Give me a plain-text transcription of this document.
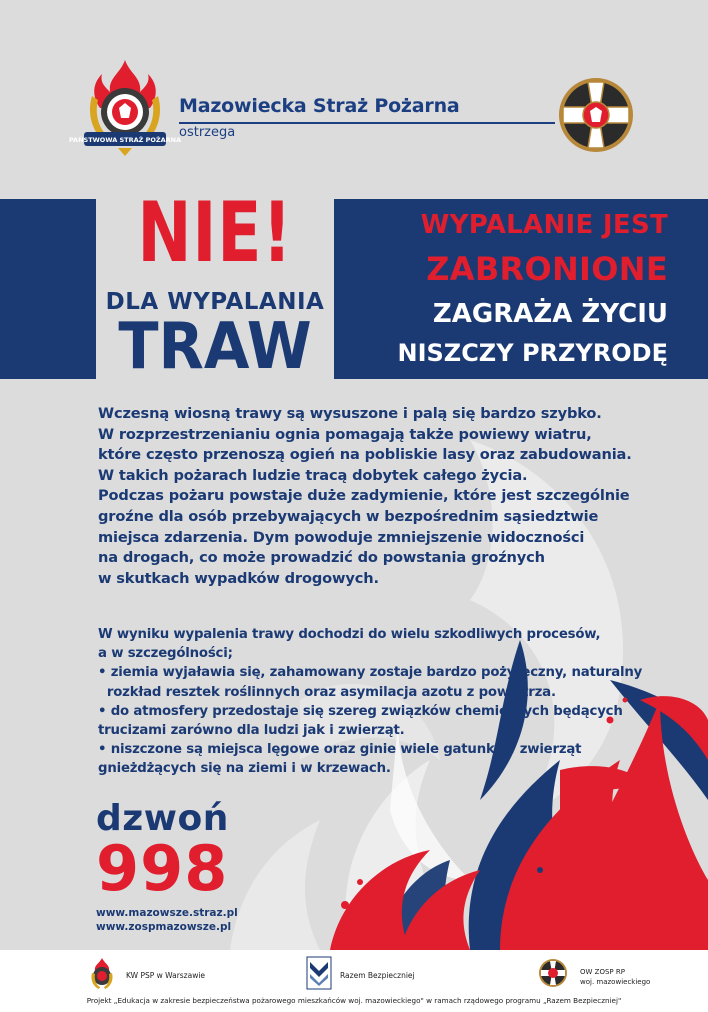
PAŃSTWOWA STRAŻ POŻARNA
Mazowiecka Straż Pożarna
ostrzega
NIE!
DLA WYPALANIA
TRAW
WYPALANIE JEST
ZABRONIONE
ZAGRAŻA ŻYCIU
NISZCZY PRZYRODĘ
Wczesną wiosną trawy są wysuszone i palą się bardzo szybko.
W rozprzestrzenianiu ognia pomagają także powiewy wiatru,
które często przenoszą ogień na pobliskie lasy oraz zabudowania.
W takich pożarach ludzie tracą dobytek całego życia.
Podczas pożaru powstaje duże zadymienie, które jest szczególnie
groźne dla osób przebywających w bezpośrednim sąsiedztwie
miejsca zdarzenia. Dym powoduje zmniejszenie widoczności
na drogach, co może prowadzić do powstania groźnych
w skutkach wypadków drogowych.
W wyniku wypalenia trawy dochodzi do wielu szkodliwych procesów,
a w szczególności;
• ziemia wyjaławia się, zahamowany zostaje bardzo pożyteczny, naturalny
rozkład resztek roślinnych oraz asymilacja azotu z powietrza.
• do atmosfery przedostaje się szereg związków chemicznych będących
trucizami zarówno dla ludzi jak i zwierząt.
• niszczone są miejsca lęgowe oraz ginie wiele gatunków zwierząt
gnieżdżących się na ziemi i w krzewach.
dzwoń
998
www.mazowsze.straz.pl
www.zospmazowsze.pl
KW PSP w Warszawie	Razem Bezpieczniej	OW ZOSP RP
woj. mazowieckiego
Projekt „Edukacja w zakresie bezpieczeństwa pożarowego mieszkańców woj. mazowieckiego" w ramach rządowego programu „Razem Bezpieczniej"
